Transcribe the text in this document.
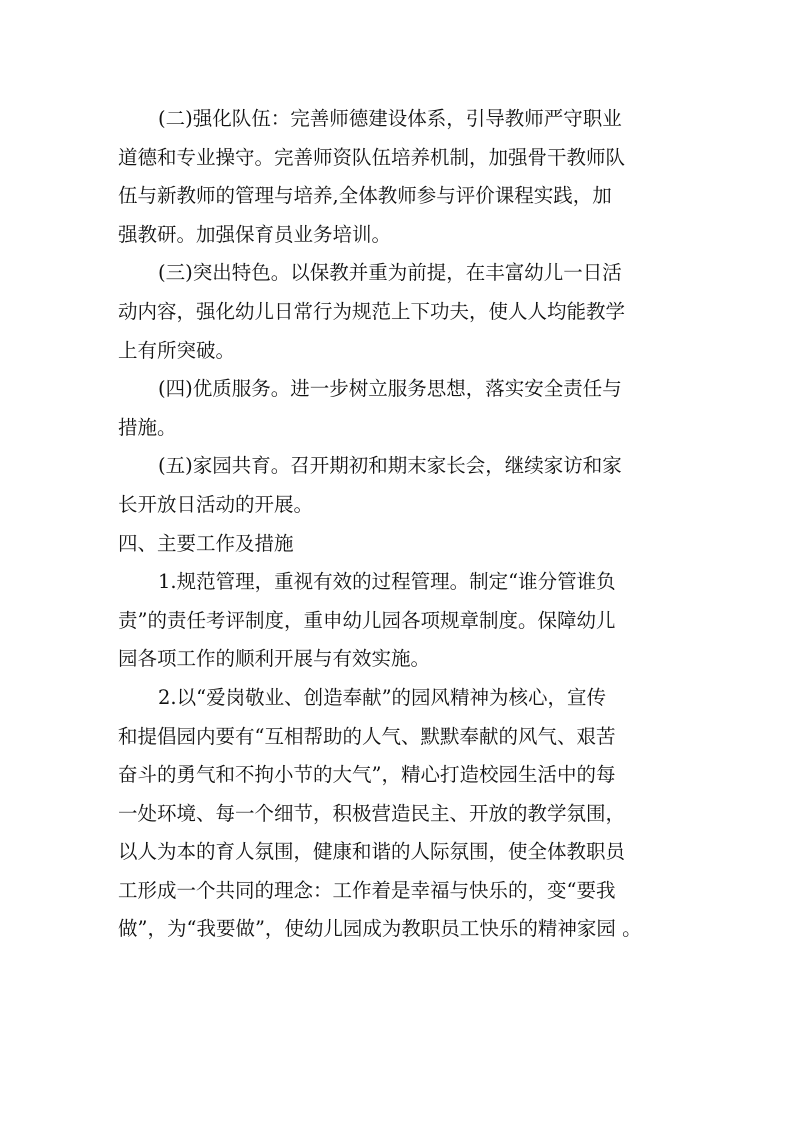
(二)强化队伍：完善师德建设体系，引导教师严守职业
道德和专业操守。完善师资队伍培养机制，加强骨干教师队
伍与新教师的管理与培养,全体教师参与评价课程实践，加
强教研。加强保育员业务培训。
(三)突出特色。以保教并重为前提，在丰富幼儿一日活
动内容，强化幼儿日常行为规范上下功夫，使人人均能教学
上有所突破。
(四)优质服务。进一步树立服务思想，落实安全责任与
措施。
(五)家园共育。召开期初和期末家长会，继续家访和家
长开放日活动的开展。
四、主要工作及措施
1.规范管理，重视有效的过程管理。制定“谁分管谁负
责”的责任考评制度，重申幼儿园各项规章制度。保障幼儿
园各项工作的顺利开展与有效实施。
2.以“爱岗敬业、创造奉献”的园风精神为核心，宣传
和提倡园内要有“互相帮助的人气、默默奉献的风气、艰苦
奋斗的勇气和不拘小节的大气”，精心打造校园生活中的每
一处环境、每一个细节，积极营造民主、开放的教学氛围，
以人为本的育人氛围，健康和谐的人际氛围，使全体教职员
工形成一个共同的理念：工作着是幸福与快乐的，变“要我
做”，为“我要做”，使幼儿园成为教职员工快乐的精神家园 。
